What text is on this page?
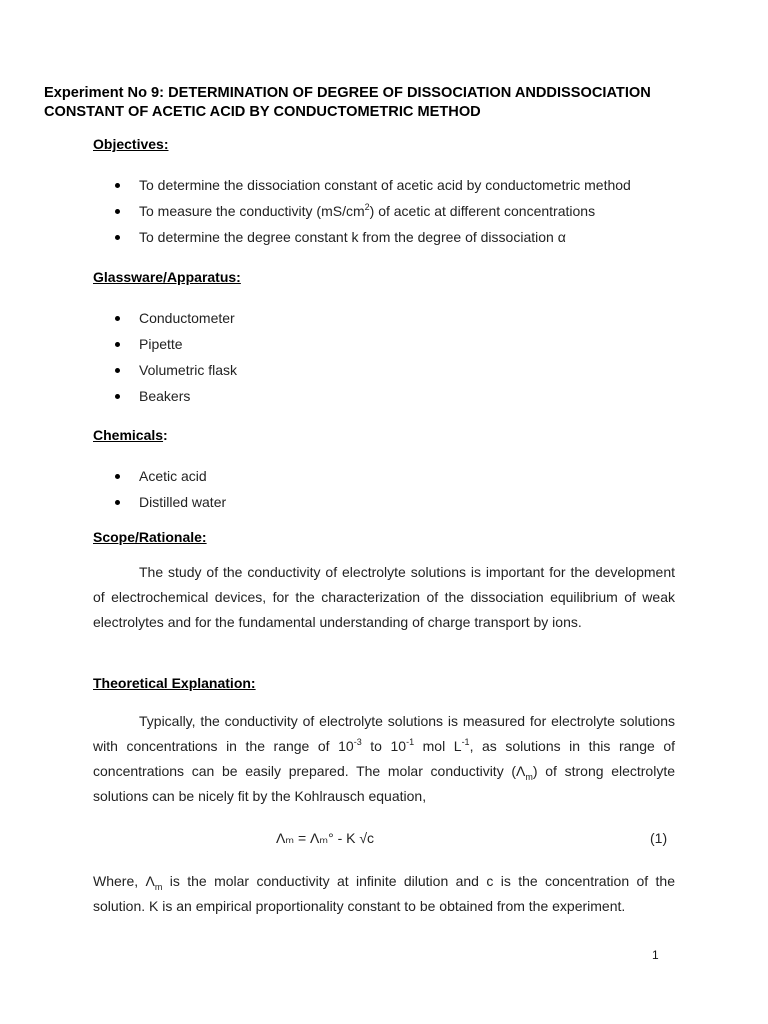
Experiment No 9: DETERMINATION OF DEGREE OF DISSOCIATION ANDDISSOCIATION
CONSTANT OF ACETIC ACID BY CONDUCTOMETRIC METHOD
Objectives:
To determine the dissociation constant of acetic acid by conductometric method
To measure the conductivity $(mS/cm^2)$ of acetic at different concentrations
To determine the degree constant k from the degree of dissociation α
Glassware/Apparatus:
Conductometer
Pipette
Volumetric flask
Beakers
Chemicals:
Acetic acid
Distilled water
Scope/Rationale:

The study of the conductivity of electrolyte solutions is important for the development of electrochemical devices, for the characterization of the dissociation equilibrium of weak electrolytes and for the fundamental understanding of charge transport by ions.

Theoretical Explanation:

Typically, the conductivity of electrolyte solutions is measured for electrolyte solutions with concentrations in the range of $10^{-3}$ to $10^{-1}$ mol $L^{-1}$, as solutions in this range of concentrations can be easily prepared. The molar conductivity $(\Lambda_m)$ of strong electrolyte solutions can be nicely fit by the Kohlrausch equation,

Λₘ = Λₘ° - K √c	(1)

Where, $\Lambda_m$ is the molar conductivity at infinite dilution and c is the concentration of the solution. K is an empirical proportionality constant to be obtained from the experiment.

1
